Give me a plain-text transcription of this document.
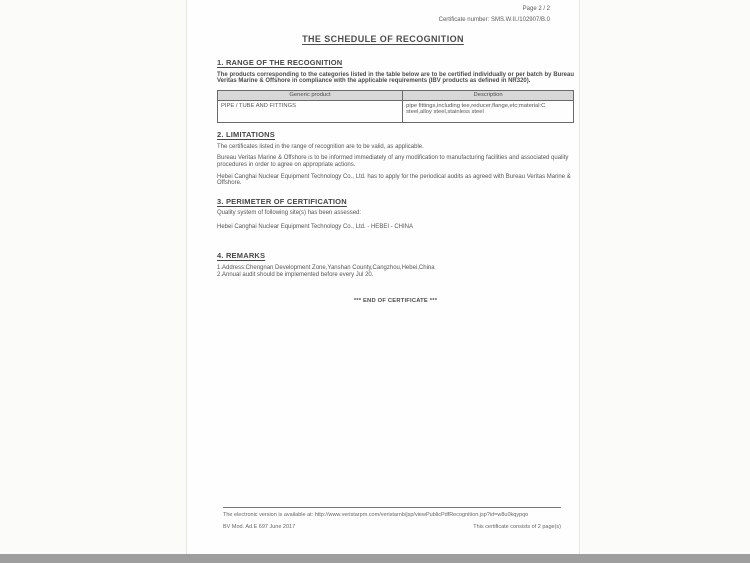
Page 2 / 2
Certificate number: SMS.W.II./102907/B.0
THE SCHEDULE OF RECOGNITION
1. RANGE OF THE RECOGNITION

The products corresponding to the categories listed in the table below are to be certified individually or per batch by Bureau Veritas Marine & Offshore in compliance with the applicable requirements (IBV products as defined in NR320).

Generic product	Description
PIPE / TUBE AND FITTINGS	pipe fittings,including tee,reducer,flange,etc;material:C steel,alloy steel,stainless steel
2. LIMITATIONS

The certificates listed in the range of recognition are to be valid, as applicable.

Bureau Veritas Marine & Offshore is to be informed immediately of any modification to manufacturing facilities and associated quality procedures in order to agree on appropriate actions.

Hebei Canghai Nuclear Equipment Technology Co., Ltd. has to apply for the periodical audits as agreed with Bureau Veritas Marine & Offshore.

3. PERIMETER OF CERTIFICATION

Quality system of following site(s) has been assessed:

Hebei Canghai Nuclear Equipment Technology Co., Ltd. - HEBEI - CHINA

4. REMARKS
1.Address:Chengnan Development Zone,Yanshan County,Cangzhou,Hebei,China
2.Annual audit should be implemented before every Jul 20.
*** END OF CERTIFICATE ***
The electronic version is available at: http://www.veristarpm.com/veristarnb/jsp/viewPublicPdfRecognition.jsp?id=w8u0kqypqo
BV Mod. Ad.E 697 June 2017	This certificate consists of 2 page(s)
